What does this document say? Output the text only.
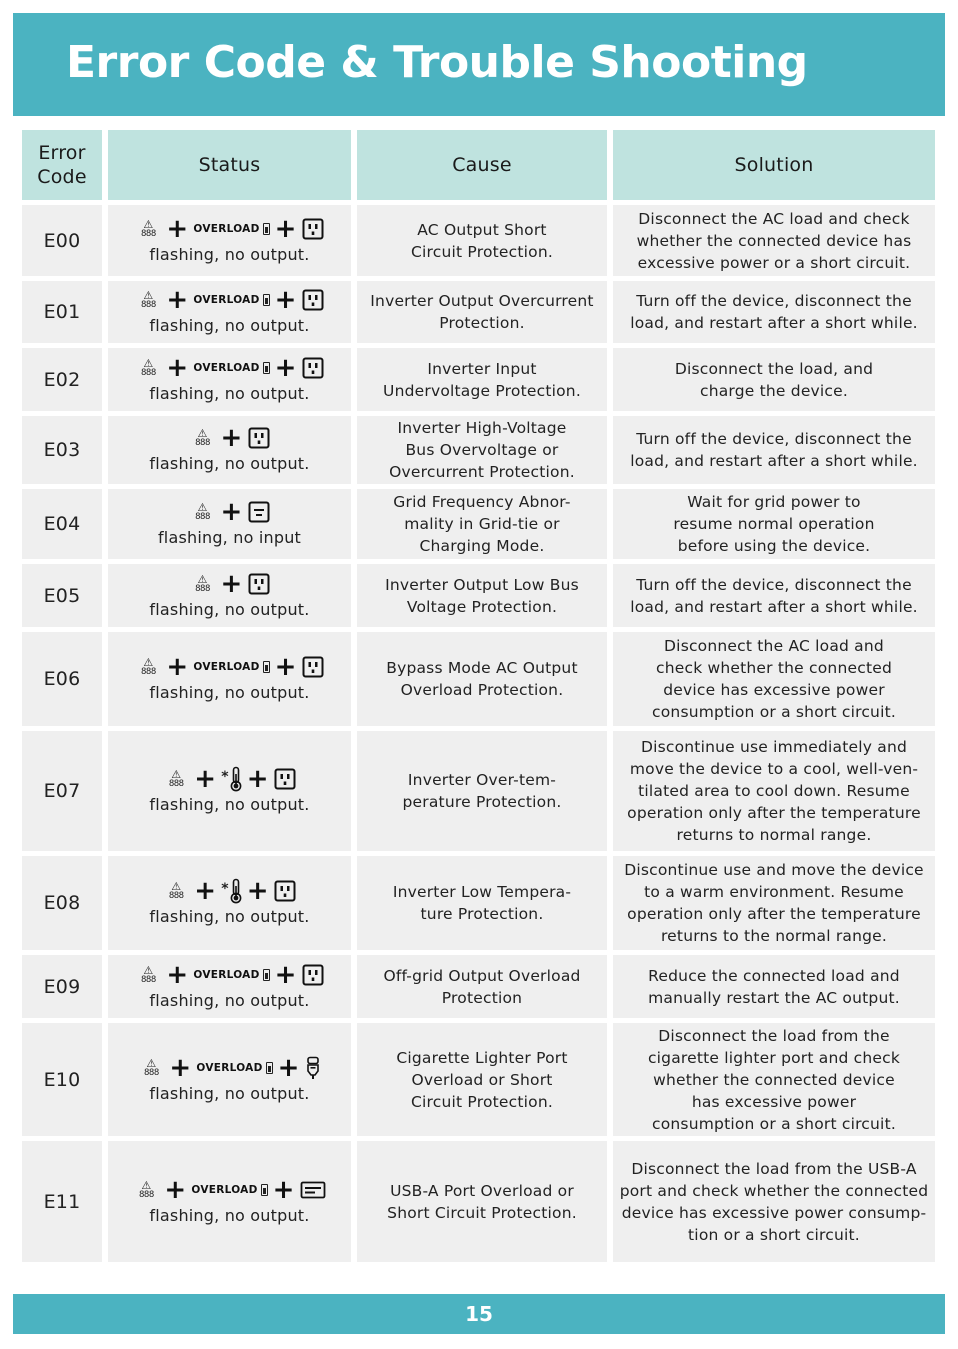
Error Code & Trouble Shooting
Error
Code
Status	Cause	Solution
E00
⚠
888 + OVERLOAD +
flashing, no output.
AC Output Short
Circuit Protection.
Disconnect the AC load and check
whether the connected device has
excessive power or a short circuit.
E01
⚠
888 + OVERLOAD +
flashing, no output.
Inverter Output Overcurrent
Protection.
Turn off the device, disconnect the
load, and restart after a short while.
E02
⚠
888 + OVERLOAD +
flashing, no output.
Inverter Input
Undervoltage Protection.
Disconnect the load, and
charge the device.
E03
⚠
888 +
flashing, no output.
Inverter High-Voltage
Bus Overvoltage or
Overcurrent Protection.
Turn off the device, disconnect the
load, and restart after a short while.
E04
⚠
888 +
flashing, no input
Grid Frequency Abnor-
mality in Grid-tie or
Charging Mode.
Wait for grid power to
resume normal operation
before using the device.
E05
⚠
888 +
flashing, no output.
Inverter Output Low Bus
Voltage Protection.
Turn off the device, disconnect the
load, and restart after a short while.
E06
⚠
888 + OVERLOAD +
flashing, no output.
Bypass Mode AC Output
Overload Protection.
Disconnect the AC load and
check whether the connected
device has excessive power
consumption or a short circuit.
E07
⚠
888 + * +
flashing, no output.
Inverter Over-tem-
perature Protection.
Discontinue use immediately and
move the device to a cool, well-ven-
tilated area to cool down. Resume
operation only after the temperature
returns to normal range.
E08
⚠
888 + * +
flashing, no output.
Inverter Low Tempera-
ture Protection.
Discontinue use and move the device
to a warm environment. Resume
operation only after the temperature
returns to the normal range.
E09
⚠
888 + OVERLOAD +
flashing, no output.
Off-grid Output Overload
Protection
Reduce the connected load and
manually restart the AC output.
E10
⚠
888 + OVERLOAD +
flashing, no output.
Cigarette Lighter Port
Overload or Short
Circuit Protection.
Disconnect the load from the
cigarette lighter port and check
whether the connected device
has excessive power
consumption or a short circuit.
E11
⚠
888 + OVERLOAD +
flashing, no output.
USB-A Port Overload or
Short Circuit Protection.
Disconnect the load from the USB-A
port and check whether the connected
device has excessive power consump-
tion or a short circuit.
15
